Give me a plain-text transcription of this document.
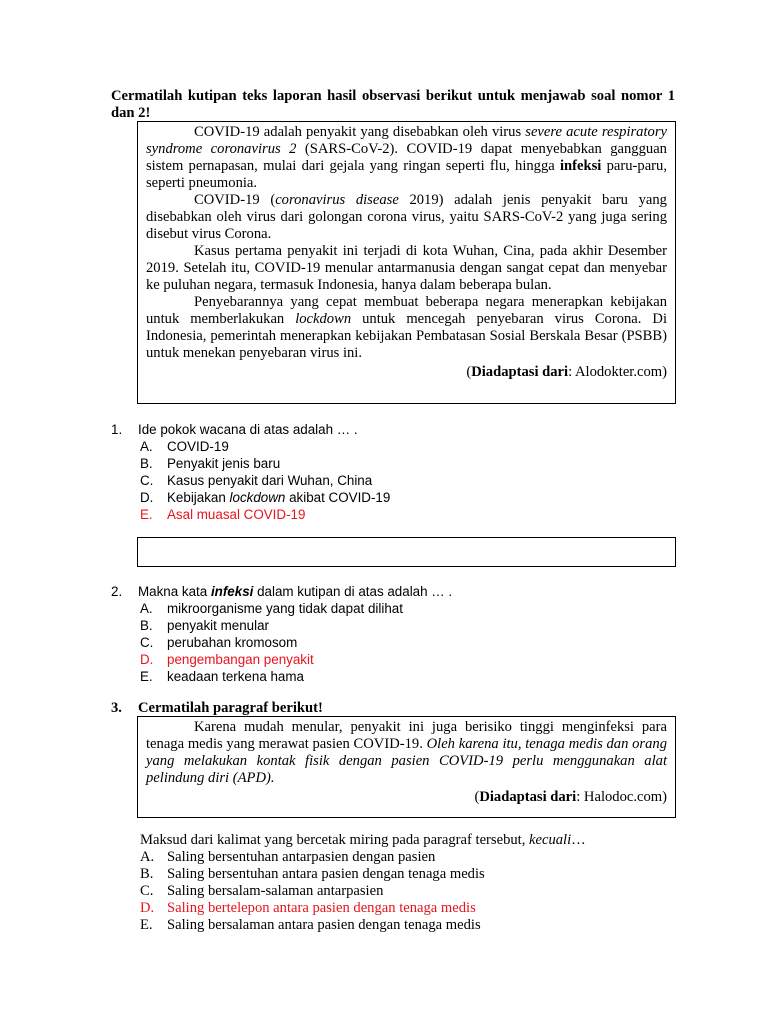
Cermatilah kutipan teks laporan hasil observasi berikut untuk menjawab soal nomor 1 dan 2!

COVID-19 adalah penyakit yang disebabkan oleh virus severe acute respiratory syndrome coronavirus 2 (SARS-CoV-2). COVID-19 dapat menyebabkan gangguan sistem pernapasan, mulai dari gejala yang ringan seperti flu, hingga infeksi paru-paru, seperti pneumonia.

COVID-19 (coronavirus disease 2019) adalah jenis penyakit baru yang disebabkan oleh virus dari golongan corona virus, yaitu SARS-CoV-2 yang juga sering disebut virus Corona.

Kasus pertama penyakit ini terjadi di kota Wuhan, Cina, pada akhir Desember 2019. Setelah itu, COVID-19 menular antarmanusia dengan sangat cepat dan menyebar ke puluhan negara, termasuk Indonesia, hanya dalam beberapa bulan.

Penyebarannya yang cepat membuat beberapa negara menerapkan kebijakan untuk memberlakukan lockdown untuk mencegah penyebaran virus Corona. Di Indonesia, pemerintah menerapkan kebijakan Pembatasan Sosial Berskala Besar (PSBB) untuk menekan penyebaran virus ini.

(Diadaptasi dari: Alodokter.com)

1. Ide pokok wacana di atas adalah … .
A. COVID-19
B. Penyakit jenis baru
C. Kasus penyakit dari Wuhan, China
D. Kebijakan lockdown akibat COVID-19
E. Asal muasal COVID-19
2. Makna kata infeksi dalam kutipan di atas adalah … .
A. mikroorganisme yang tidak dapat dilihat
B. penyakit menular
C. perubahan kromosom
D. pengembangan penyakit
E. keadaan terkena hama
3. Cermatilah paragraf berikut!

Karena mudah menular, penyakit ini juga berisiko tinggi menginfeksi para tenaga medis yang merawat pasien COVID-19. Oleh karena itu, tenaga medis dan orang yang melakukan kontak fisik dengan pasien COVID-19 perlu menggunakan alat pelindung diri (APD).

(Diadaptasi dari: Halodoc.com)

Maksud dari kalimat yang bercetak miring pada paragraf tersebut, kecuali…
A. Saling bersentuhan antarpasien dengan pasien
B. Saling bersentuhan antara pasien dengan tenaga medis
C. Saling bersalam-salaman antarpasien
D. Saling bertelepon antara pasien dengan tenaga medis
E. Saling bersalaman antara pasien dengan tenaga medis
